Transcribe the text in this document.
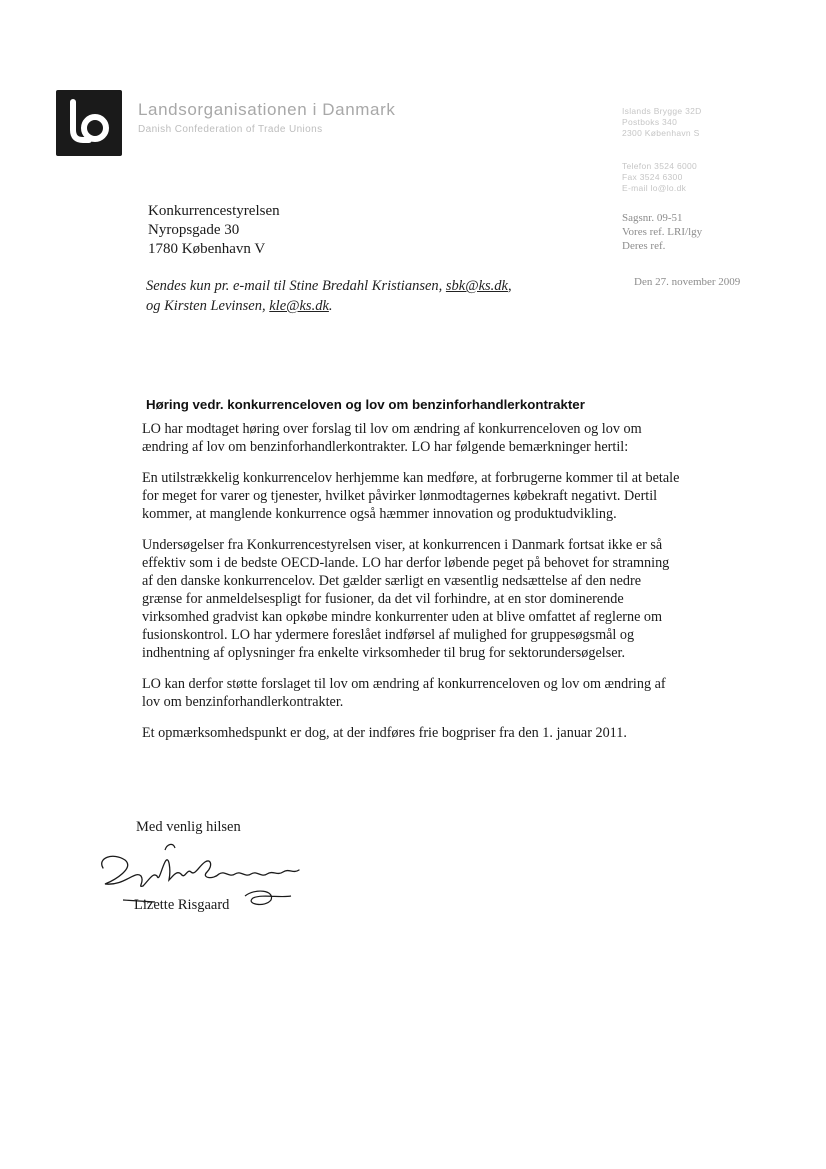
Landsorganisationen i Danmark
Danish Confederation of Trade Unions
Islands Brygge 32D
Postboks 340
2300 København S
Telefon 3524 6000
Fax 3524 6300
E-mail lo@lo.dk
Sagsnr. 09-51
Vores ref. LRI/lgy
Deres ref.
Den 27. november 2009
Konkurrencestyrelsen
Nyropsgade 30
1780 København V
Sendes kun pr. e-mail til Stine Bredahl Kristiansen, sbk@ks.dk,
og Kirsten Levinsen, kle@ks.dk.
Høring vedr. konkurrenceloven og lov om benzinforhandlerkontrakter

LO har modtaget høring over forslag til lov om ændring af konkurrenceloven og lov om ændring af lov om benzinforhandlerkontrakter. LO har følgende bemærkninger hertil:

En utilstrækkelig konkurrencelov herhjemme kan medføre, at forbrugerne kommer til at betale for meget for varer og tjenester, hvilket påvirker lønmodtagernes købekraft negativt. Dertil kommer, at manglende konkurrence også hæmmer innovation og produktudvikling.

Undersøgelser fra Konkurrencestyrelsen viser, at konkurrencen i Danmark fortsat ikke er så effektiv som i de bedste OECD-lande. LO har derfor løbende peget på behovet for stramning af den danske konkurrencelov. Det gælder særligt en væsentlig nedsættelse af den nedre grænse for anmeldelsespligt for fusioner, da det vil forhindre, at en stor dominerende virksomhed gradvist kan opkøbe mindre konkurrenter uden at blive omfattet af reglerne om fusionskontrol. LO har ydermere foreslået indførsel af mulighed for gruppesøgsmål og indhentning af oplysninger fra enkelte virksomheder til brug for sektorundersøgelser.

LO kan derfor støtte forslaget til lov om ændring af konkurrenceloven og lov om ændring af lov om benzinforhandlerkontrakter.

Et opmærksomhedspunkt er dog, at der indføres frie bogpriser fra den 1. januar 2011.

Med venlig hilsen
Lizette Risgaard
